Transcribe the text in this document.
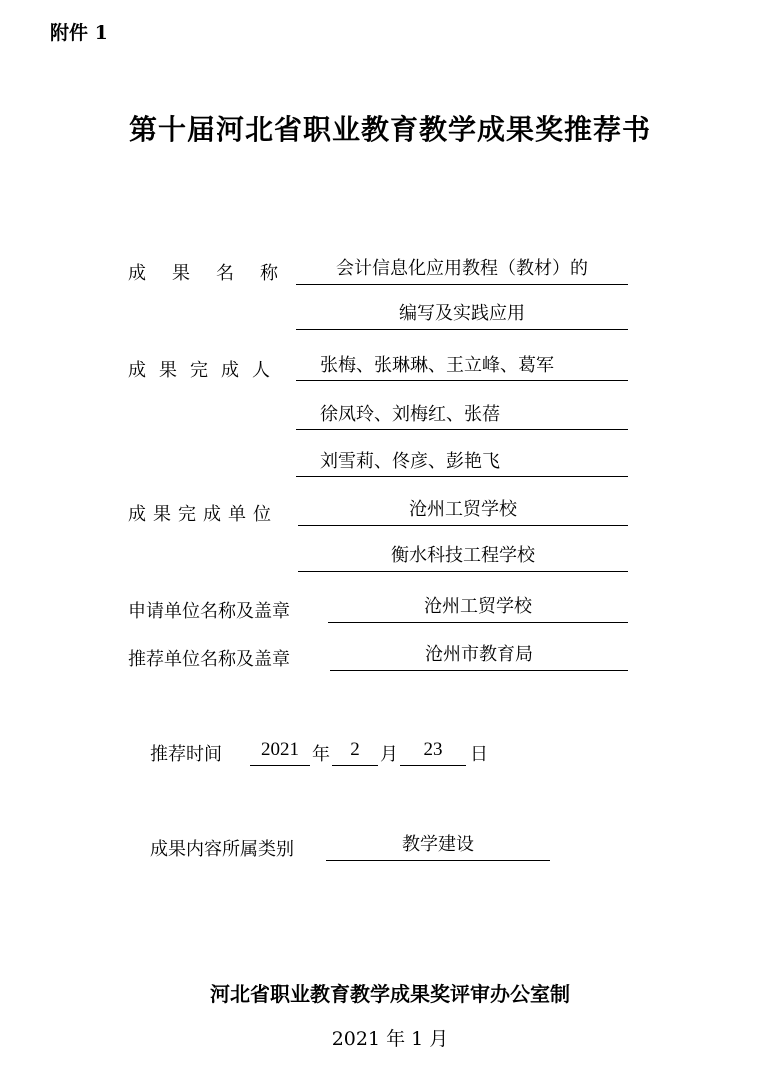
附件 1
第十届河北省职业教育教学成果奖推荐书
成果名称	会计信息化应用教程（教材）的
编写及实践应用
成果完成人	张梅、张琳琳、王立峰、葛军
徐凤玲、刘梅红、张蓓
刘雪莉、佟彦、彭艳飞
成果完成单位	沧州工贸学校
衡水科技工程学校
申请单位名称及盖章	沧州工贸学校
推荐单位名称及盖章	沧州市教育局
推荐时间	2021 年	2	月	23	日
成果内容所属类别	教学建设
河北省职业教育教学成果奖评审办公室制
2021 年 1 月
